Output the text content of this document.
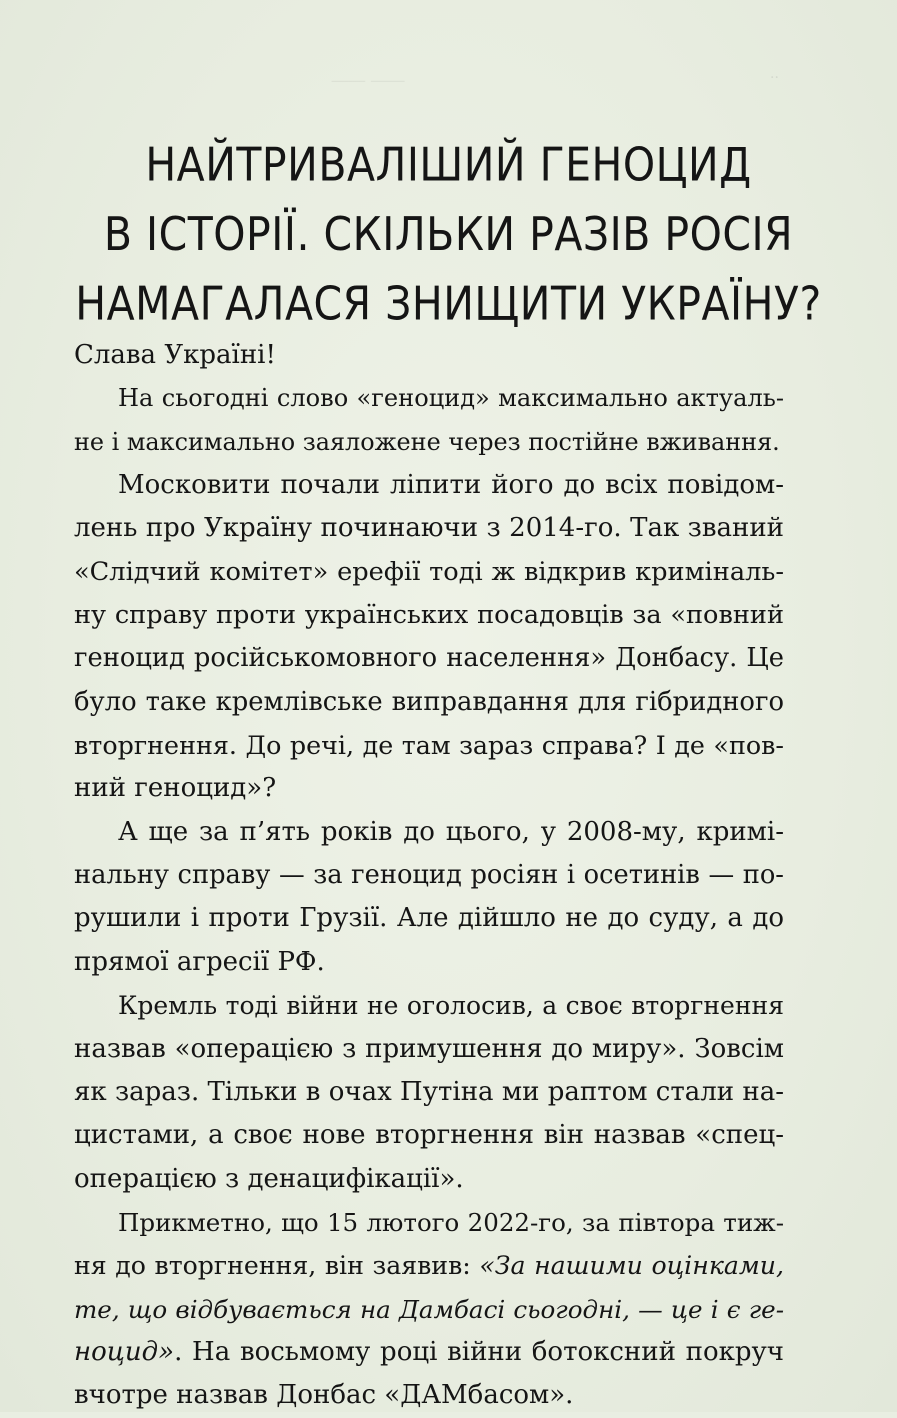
⸻ ⸻	··
НАЙТРИВАЛІШИЙ ГЕНОЦИД
В ІСТОРІЇ. СКІЛЬКИ РАЗІВ РОСІЯ
НАМАГАЛАСЯ ЗНИЩИТИ УКРАЇНУ?
Слава Україні!
На сьогодні слово «геноцид» максимально актуаль-
не і максимально заяложене через постійне вживання.
Московити почали ліпити його до всіх повідом-
лень про Україну починаючи з 2014-го. Так званий
«Слідчий комітет» ерефії тоді ж відкрив криміналь-
ну справу проти українських посадовців за «повний
геноцид російськомовного населення» Донбасу. Це
було таке кремлівське виправдання для гібридного
вторгнення. До речі, де там зараз справа? І де «пов-
ний геноцид»?
А ще за п’ять років до цього, у 2008-му, кримі-
нальну справу — за геноцид росіян і осетинів — по-
рушили і проти Грузії. Але дійшло не до суду, а до
прямої агресії РФ.
Кремль тоді війни не оголосив, а своє вторгнення
назвав «операцією з примушення до миру». Зовсім
як зараз. Тільки в очах Путіна ми раптом стали на-
цистами, а своє нове вторгнення він назвав «спец-
операцією з денацифікації».
Прикметно, що 15 лютого 2022-го, за півтора тиж-
ня до вторгнення, він заявив: «За нашими оцінками,
те, що відбувається на Дамбасі сьогодні, — це і є ге-
ноцид». На восьмому році війни ботоксний покруч
вчотре назвав Донбас «ДАМбасом».
